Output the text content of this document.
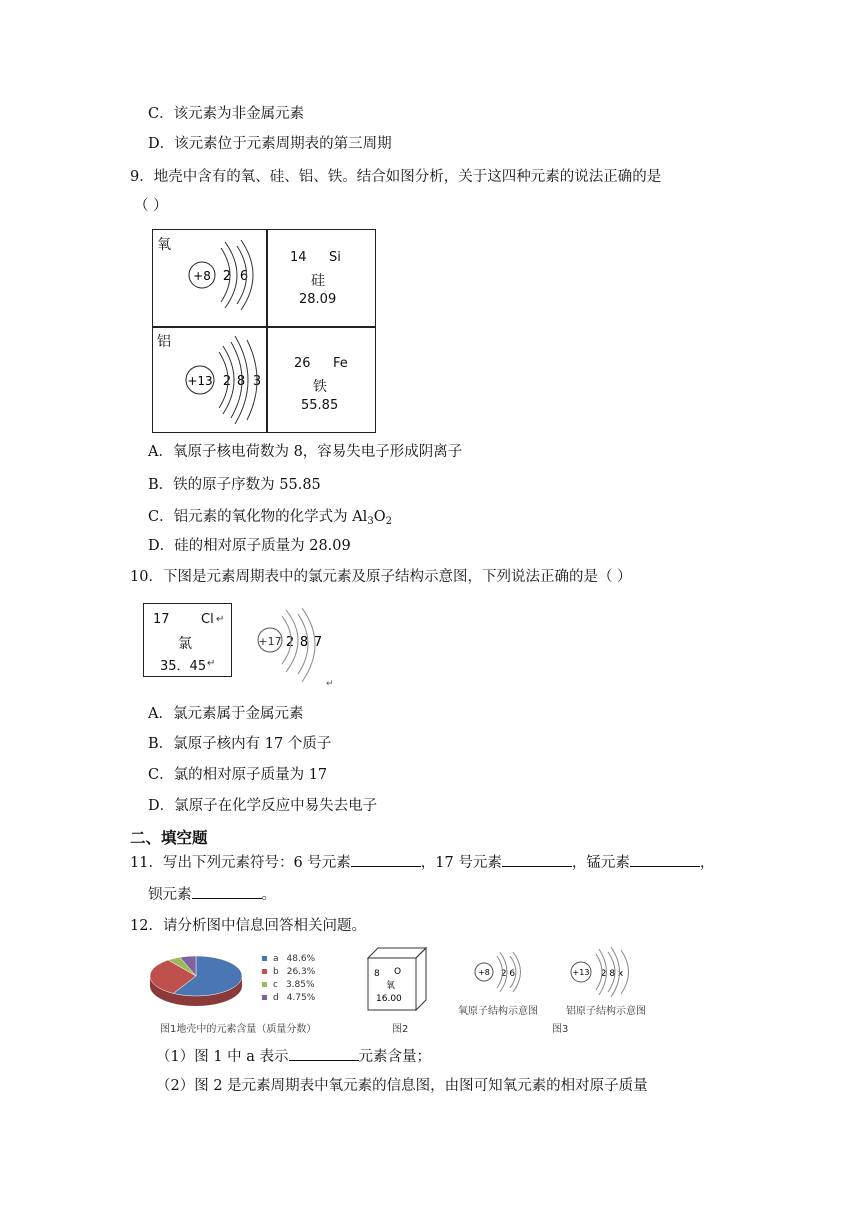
C．该元素为非金属元素
D．该元素位于元素周期表的第三周期
9．地壳中含有的氧、硅、铝、铁。结合如图分析，关于这四种元素的说法正确的是
（ ）
氧
+8 2 6
14 Si
硅
28.09
铝
+13 2 8 3
26 Fe
铁
55.85
A．氧原子核电荷数为 8，容易失电子形成阴离子
B．铁的原子序数为 55.85
C．铝元素的氧化物的化学式为 $Al_3O_2$
D．硅的相对原子质量为 28.09
10．下图是元素周期表中的氯元素及原子结构示意图，下列说法正确的是（ ）
17 Cl ↵
氯
35．45 ↵
+17 2 8 7
↵
A．氯元素属于金属元素
B．氯原子核内有 17 个质子
C．氯的相对原子质量为 17
D．氯原子在化学反应中易失去电子
二、填空题
11．写出下列元素符号：6 号元素	，17 号元素	，锰元素	，
钡元素	。
12．请分析图中信息回答相关问题。
a 48.6%
b 26.3%
c 3.85%
d 4.75%
图1地壳中的元素含量（质量分数）
8 O
氧
16.00
图2
+8 2 6
氧原子结构示意图
+13 2 8 x
铝原子结构示意图
图3
（1）图 1 中 a 表示	元素含量；
（2）图 2 是元素周期表中氧元素的信息图，由图可知氧元素的相对原子质量
